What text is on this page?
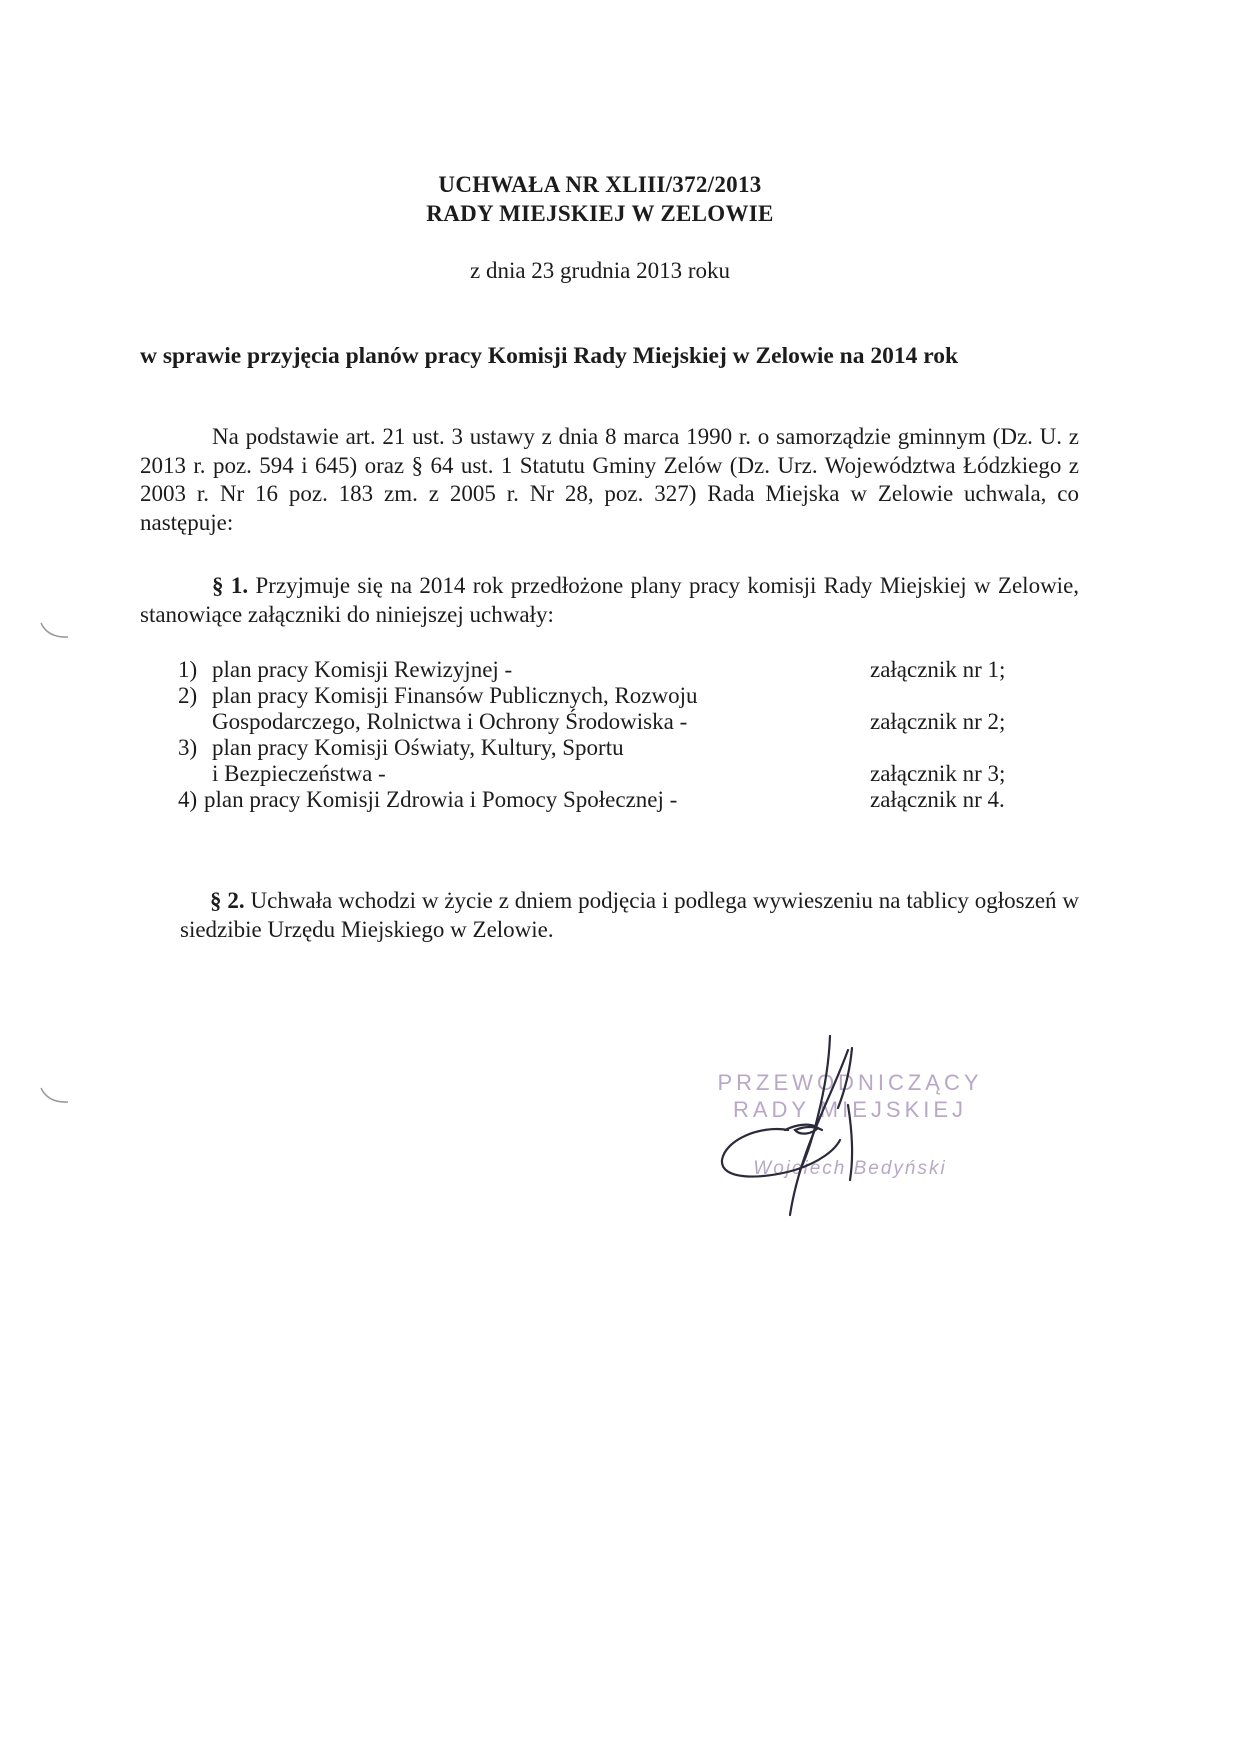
UCHWAŁA NR XLIII/372/2013
RADY MIEJSKIEJ W ZELOWIE
z dnia 23 grudnia 2013 roku
w sprawie przyjęcia planów pracy Komisji Rady Miejskiej w Zelowie na 2014 rok

Na podstawie art. 21 ust. 3 ustawy z dnia 8 marca 1990 r. o samorządzie gminnym (Dz. U. z 2013 r. poz. 594 i 645) oraz § 64 ust. 1 Statutu Gminy Zelów (Dz. Urz. Województwa Łódzkiego z 2003 r. Nr 16 poz. 183 zm. z 2005 r. Nr 28, poz. 327) Rada Miejska w Zelowie uchwala, co następuje:

§ 1. Przyjmuje się na 2014 rok przedłożone plany pracy komisji Rady Miejskiej w Zelowie, stanowiące załączniki do niniejszej uchwały:

1) plan pracy Komisji Rewizyjnej -	załącznik nr 1;
2) plan pracy Komisji Finansów Publicznych, Rozwoju
Gospodarczego, Rolnictwa i Ochrony Środowiska -	załącznik nr 2;
3) plan pracy Komisji Oświaty, Kultury, Sportu
i Bezpieczeństwa -	załącznik nr 3;
4) plan pracy Komisji Zdrowia i Pomocy Społecznej -	załącznik nr 4.

§ 2. Uchwała wchodzi w życie z dniem podjęcia i podlega wywieszeniu na tablicy ogłoszeń w siedzibie Urzędu Miejskiego w Zelowie.

PRZEWODNICZĄCY
RADY MIEJSKIEJ
Wojciech Bedyński
